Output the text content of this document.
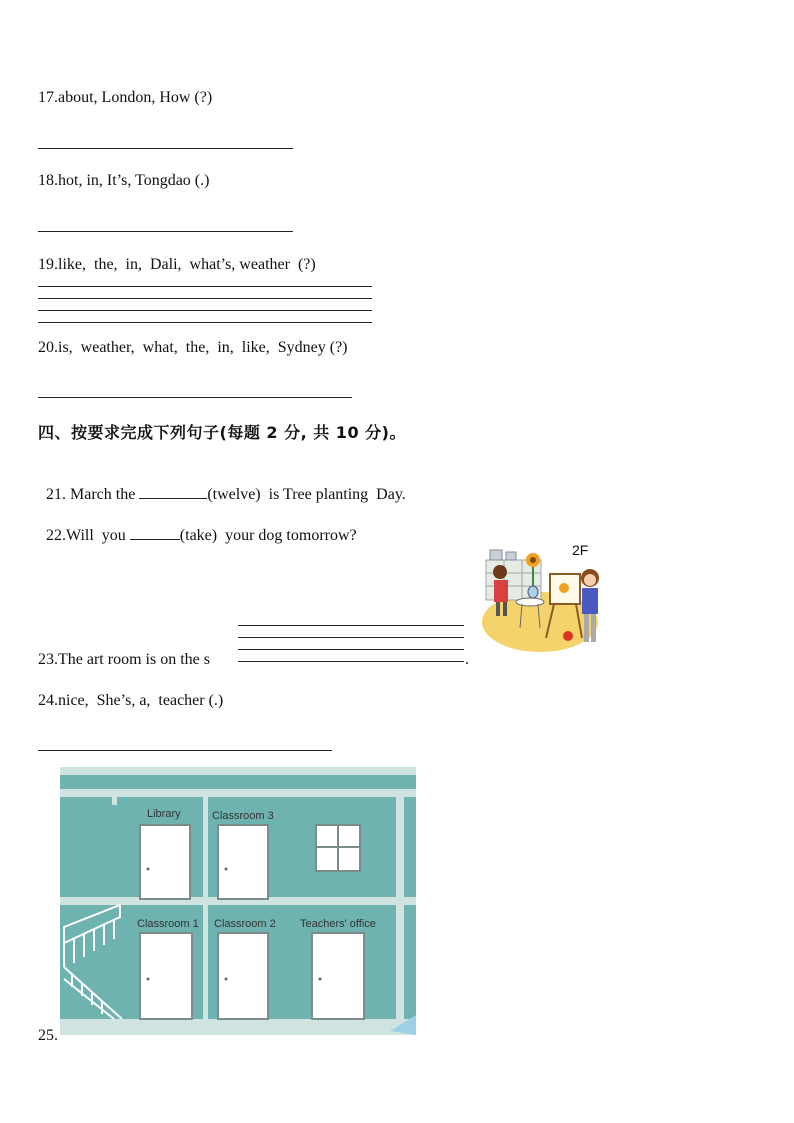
17.about, London, How (?)
18.hot, in, It’s, Tongdao (.)
19.like,  the,  in,  Dali,  what’s, weather  (?)
20.is,  weather,  what,  the,  in,  like,  Sydney (?)
四、按要求完成下列句子(每题 2 分, 共 10 分)。

21. March the	(twelve)  is Tree planting  Day.

22.Will  you	(take)  your dog tomorrow?

2F
23.The art room is on the s	.
24.nice,  She’s, a,  teacher (.)
25.
Library	Classroom 3
Classroom 1 Classroom 2 Teachers' office
